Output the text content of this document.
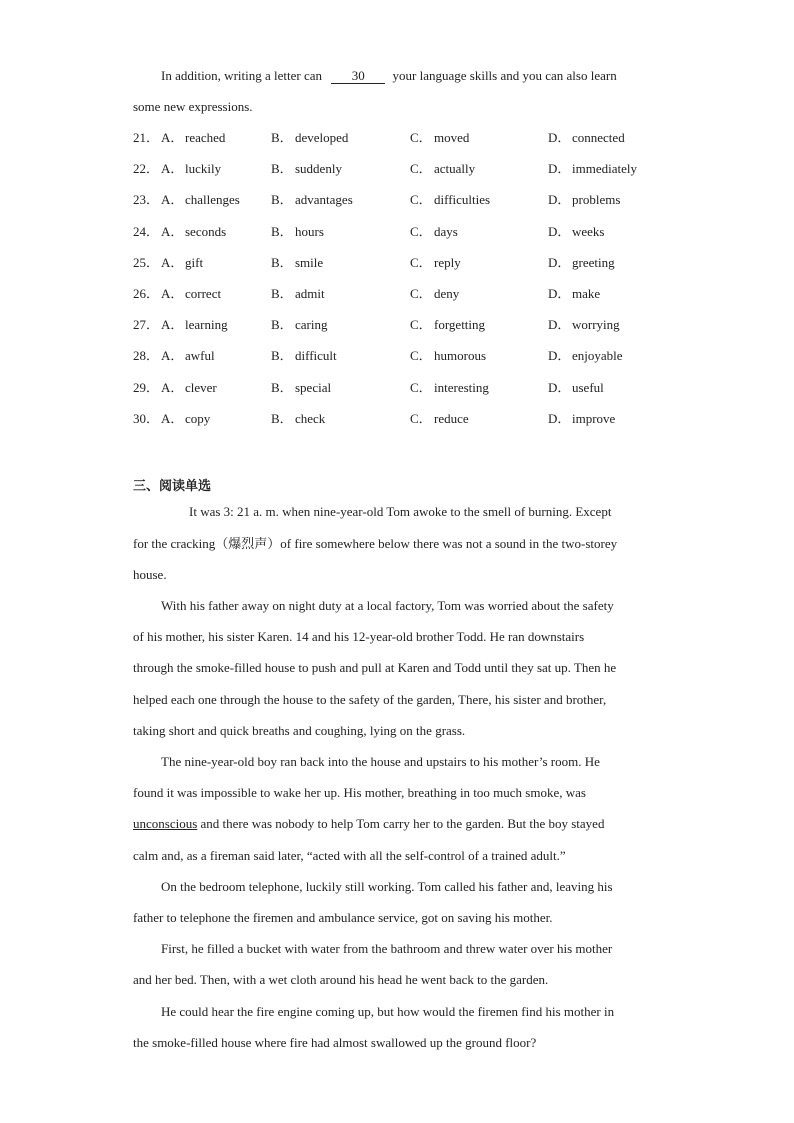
In addition, writing a letter can 30 your language skills and you can also learn
some new expressions.
21． A． reached	B． developed	C． moved	D． connected
22． A． luckily	B． suddenly	C． actually	D． immediately
23． A． challenges B． advantages	C． difficulties	D． problems
24． A． seconds	B． hours	C． days	D． weeks
25． A． gift	B． smile	C． reply	D． greeting
26． A． correct	B． admit	C． deny	D． make
27． A． learning	B． caring	C． forgetting	D． worrying
28． A． awful	B． difficult	C． humorous	D． enjoyable
29． A． clever	B． special	C． interesting	D． useful
30． A． copy	B． check	C． reduce	D． improve
三、阅读单选
It was 3: 21 a. m. when nine-year-old Tom awoke to the smell of burning. Except
for the cracking（爆烈声）of fire somewhere below there was not a sound in the two-storey
house.
With his father away on night duty at a local factory, Tom was worried about the safety
of his mother, his sister Karen. 14 and his 12-year-old brother Todd. He ran downstairs
through the smoke-filled house to push and pull at Karen and Todd until they sat up. Then he
helped each one through the house to the safety of the garden, There, his sister and brother,
taking short and quick breaths and coughing, lying on the grass.
The nine-year-old boy ran back into the house and upstairs to his mother’s room. He
found it was impossible to wake her up. His mother, breathing in too much smoke, was
unconscious and there was nobody to help Tom carry her to the garden. But the boy stayed
calm and, as a fireman said later, “acted with all the self-control of a trained adult.”
On the bedroom telephone, luckily still working. Tom called his father and, leaving his
father to telephone the firemen and ambulance service, got on saving his mother.
First, he filled a bucket with water from the bathroom and threw water over his mother
and her bed. Then, with a wet cloth around his head he went back to the garden.
He could hear the fire engine coming up, but how would the firemen find his mother in
the smoke-filled house where fire had almost swallowed up the ground floor?
